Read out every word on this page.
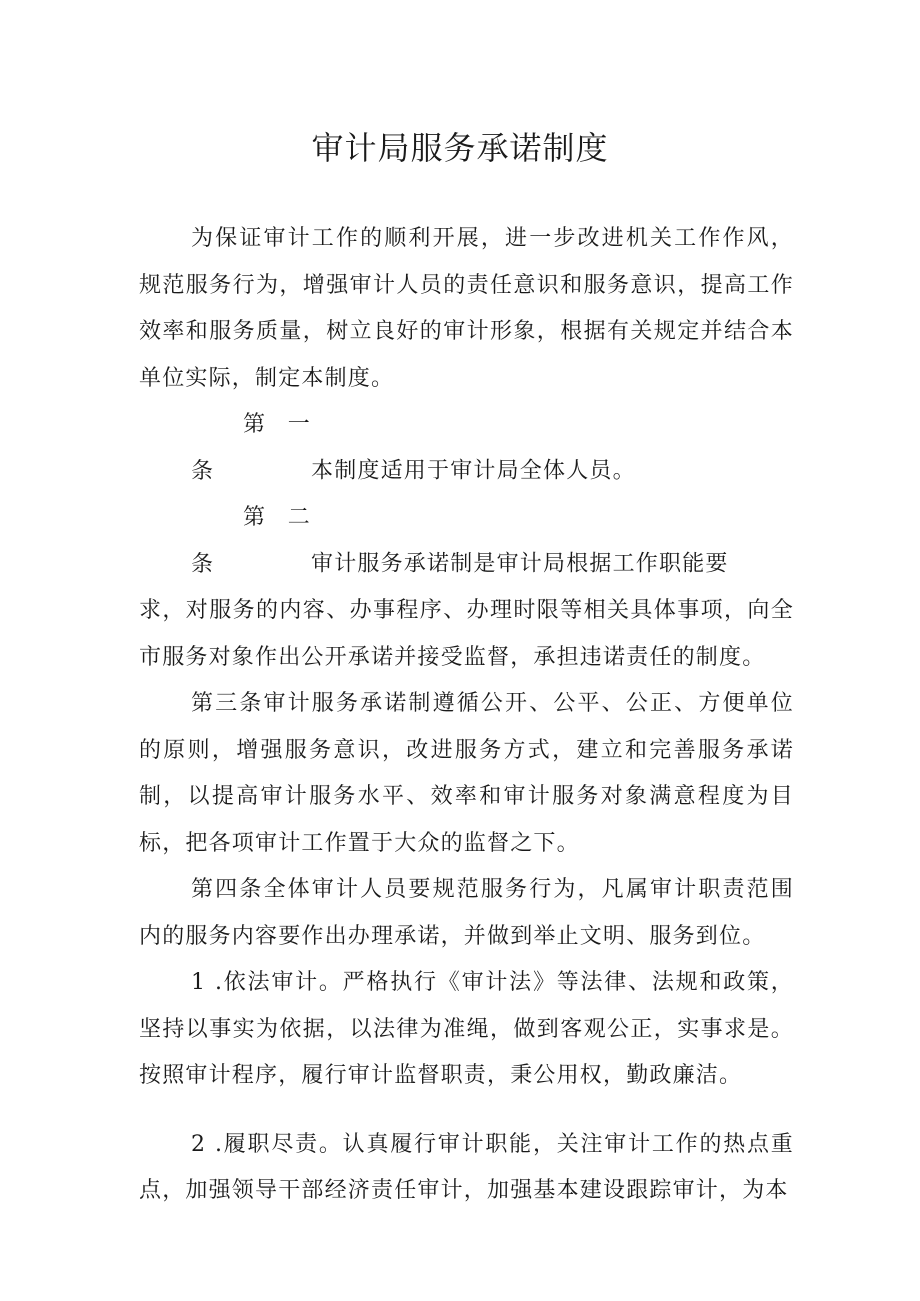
审计局服务承诺制度

为保证审计工作的顺利开展，进一步改进机关工作作风，规范服务行为，增强审计人员的责任意识和服务意识，提高工作效率和服务质量，树立良好的审计形象，根据有关规定并结合本单位实际，制定本制度。

第一条	本制度适用于审计局全体人员。

第二条	审计服务承诺制是审计局根据工作职能要

求，对服务的内容、办事程序、办理时限等相关具体事项，向全市服务对象作出公开承诺并接受监督，承担违诺责任的制度。

第三条审计服务承诺制遵循公开、公平、公正、方便单位的原则，增强服务意识，改进服务方式，建立和完善服务承诺制，以提高审计服务水平、效率和审计服务对象满意程度为目标，把各项审计工作置于大众的监督之下。

第四条全体审计人员要规范服务行为，凡属审计职责范围内的服务内容要作出办理承诺，并做到举止文明、服务到位。

1 .依法审计。严格执行《审计法》等法律、法规和政策，坚持以事实为依据，以法律为准绳，做到客观公正，实事求是。按照审计程序，履行审计监督职责，秉公用权，勤政廉洁。

2 .履职尽责。认真履行审计职能，关注审计工作的热点重点，加强领导干部经济责任审计，加强基本建设跟踪审计，为本
